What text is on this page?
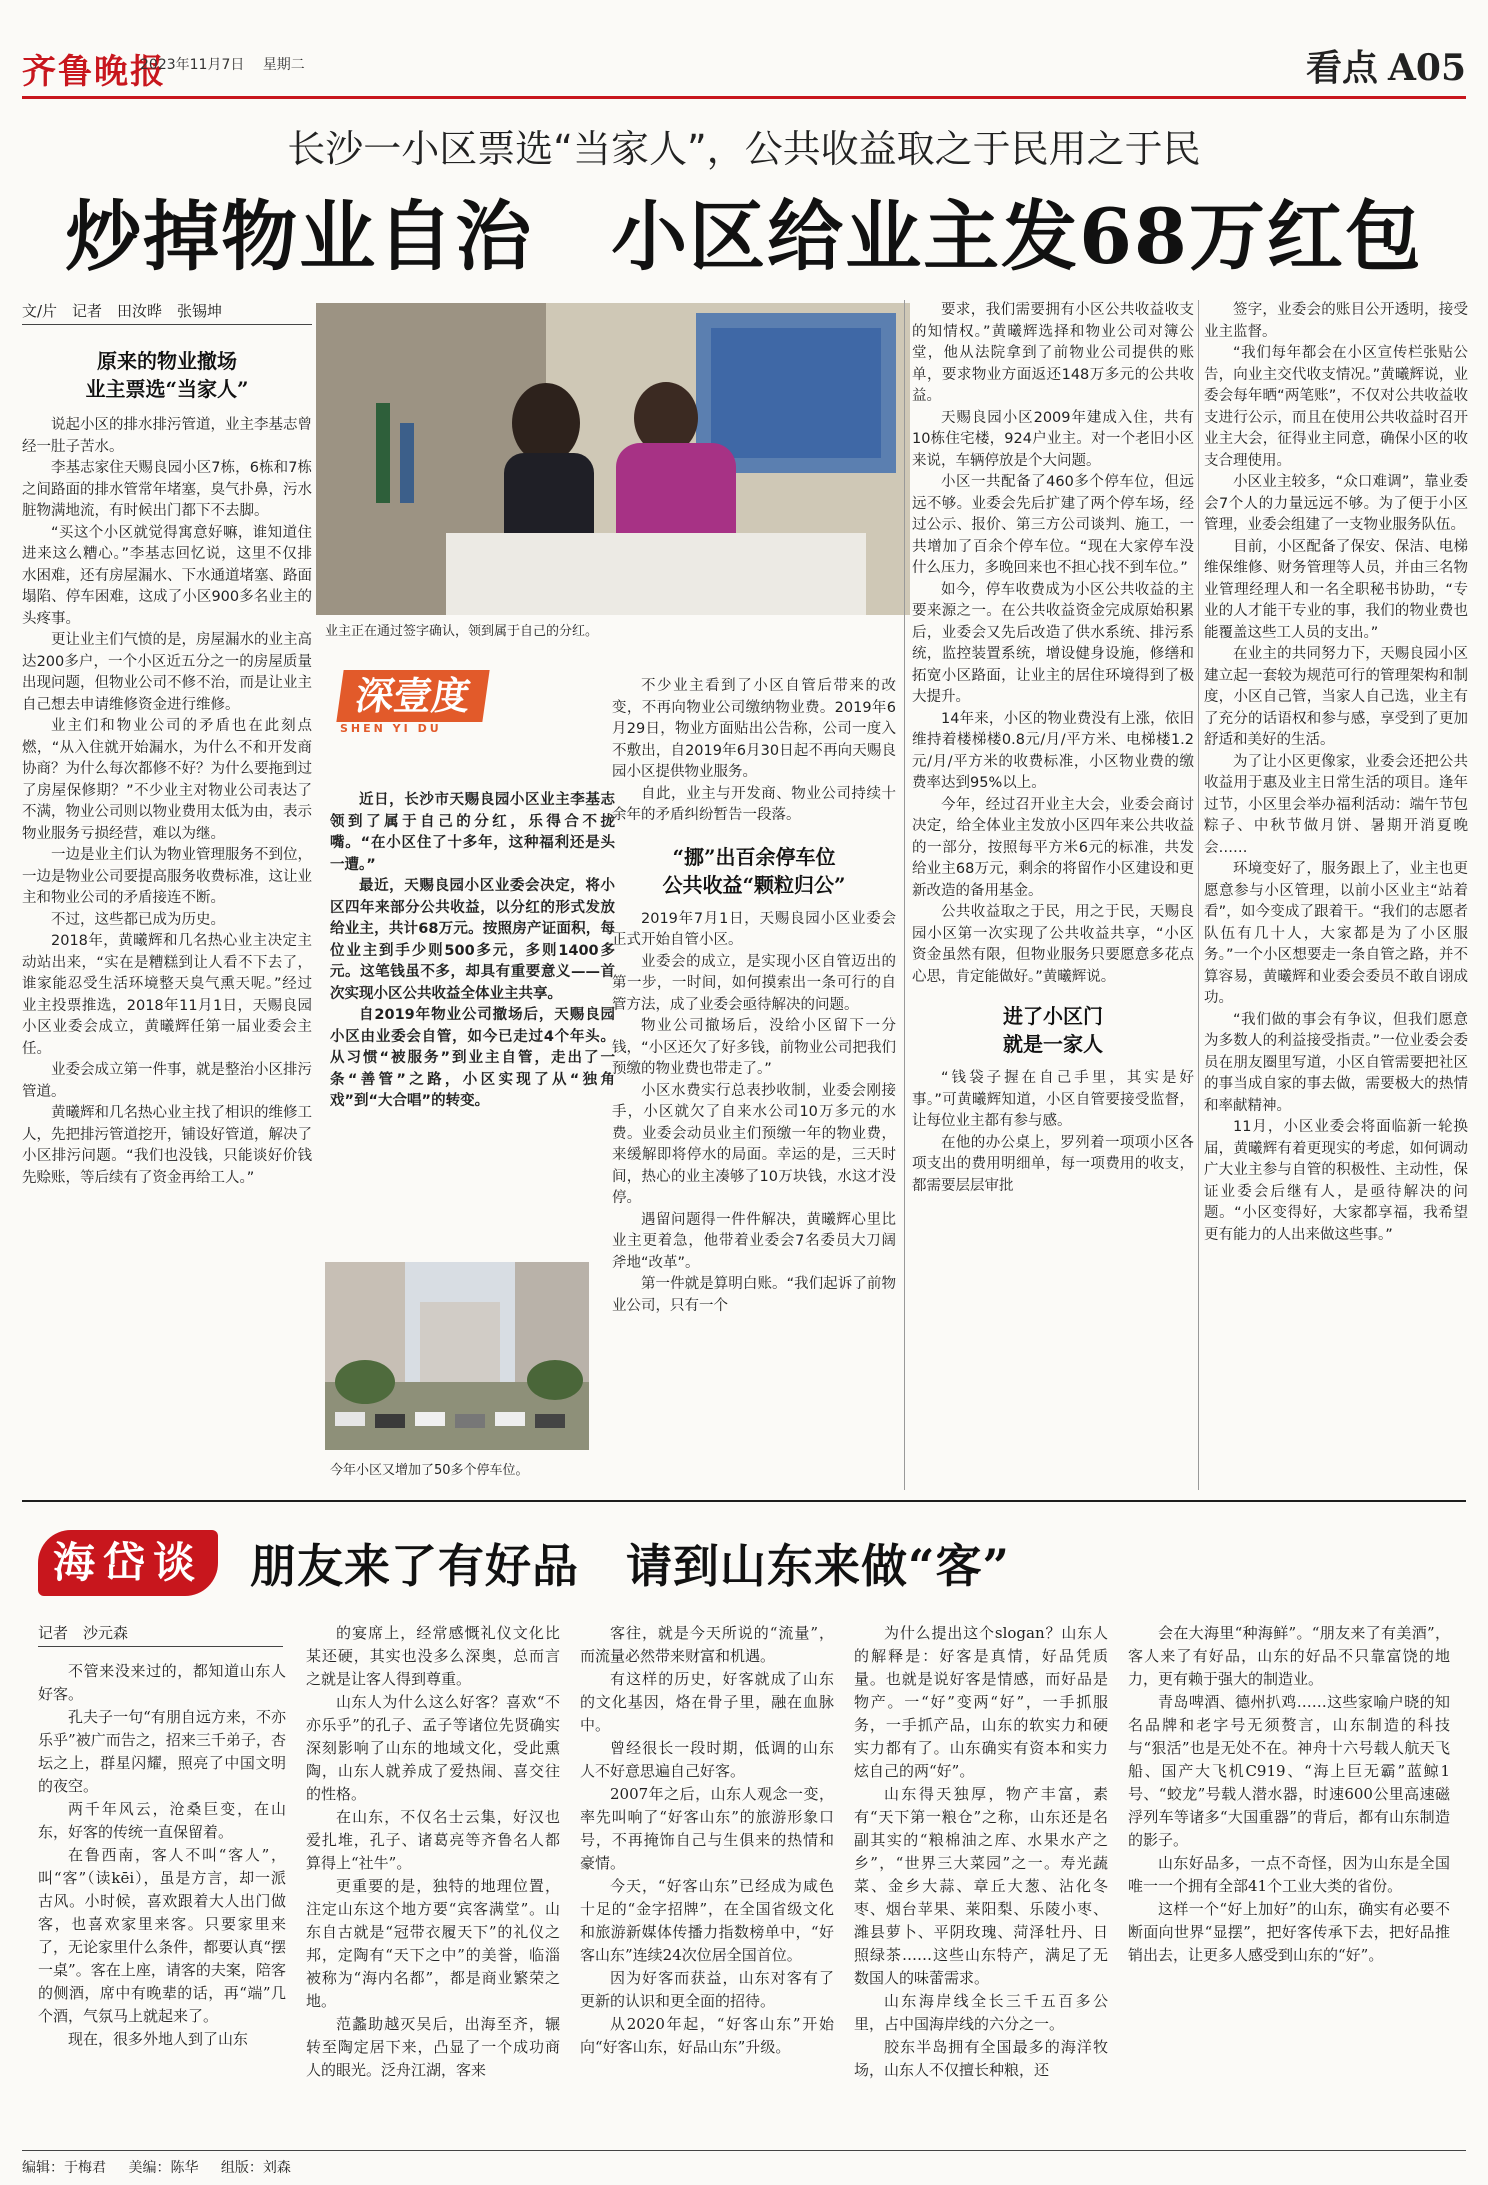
齐鲁晚报
2023年11月7日 星期二	看点 A05
长沙一小区票选“当家人”，公共收益取之于民用之于民
炒掉物业自治　小区给业主发68万红包
文/片　记者　田汝晔　张锡坤
原来的物业撤场
业主票选“当家人”

说起小区的排水排污管道，业主李基志曾经一肚子苦水。

李基志家住天赐良园小区7栋，6栋和7栋之间路面的排水管常年堵塞，臭气扑鼻，污水脏物满地流，有时候出门都下不去脚。

“买这个小区就觉得寓意好嘛，谁知道住进来这么糟心。”李基志回忆说，这里不仅排水困难，还有房屋漏水、下水通道堵塞、路面塌陷、停车困难，这成了小区900多名业主的头疼事。

更让业主们气愤的是，房屋漏水的业主高达200多户，一个小区近五分之一的房屋质量出现问题，但物业公司不修不治，而是让业主自己想去申请维修资金进行维修。

业主们和物业公司的矛盾也在此刻点燃，“从入住就开始漏水，为什么不和开发商协商？为什么每次都修不好？为什么要拖到过了房屋保修期？”不少业主对物业公司表达了不满，物业公司则以物业费用太低为由，表示物业服务亏损经营，难以为继。

一边是业主们认为物业管理服务不到位，一边是物业公司要提高服务收费标准，这让业主和物业公司的矛盾接连不断。

不过，这些都已成为历史。

2018年，黄曦辉和几名热心业主决定主动站出来，“实在是糟糕到让人看不下去了，谁家能忍受生活环境整天臭气熏天呢。”经过业主投票推选，2018年11月1日，天赐良园小区业委会成立，黄曦辉任第一届业委会主任。

业委会成立第一件事，就是整治小区排污管道。

黄曦辉和几名热心业主找了相识的维修工人，先把排污管道挖开，铺设好管道，解决了小区排污问题。“我们也没钱，只能谈好价钱先赊账，等后续有了资金再给工人。”

业主正在通过签字确认，领到属于自己的分红。
深壹度
SHEN YI DU

近日，长沙市天赐良园小区业主李基志领到了属于自己的分红，乐得合不拢嘴。“在小区住了十多年，这种福利还是头一遭。”

最近，天赐良园小区业委会决定，将小区四年来部分公共收益，以分红的形式发放给业主，共计68万元。按照房产证面积，每位业主到手少则500多元，多则1400多元。这笔钱虽不多，却具有重要意义——首次实现小区公共收益全体业主共享。

自2019年物业公司撤场后，天赐良园小区由业委会自管，如今已走过4个年头。从习惯“被服务”到业主自管，走出了一条“善管”之路，小区实现了从“独角戏”到“大合唱”的转变。

今年小区又增加了50多个停车位。

不少业主看到了小区自管后带来的改变，不再向物业公司缴纳物业费。2019年6月29日，物业方面贴出公告称，公司一度入不敷出，自2019年6月30日起不再向天赐良园小区提供物业服务。

自此，业主与开发商、物业公司持续十余年的矛盾纠纷暂告一段落。

“挪”出百余停车位
公共收益“颗粒归公”

2019年7月1日，天赐良园小区业委会正式开始自管小区。

业委会的成立，是实现小区自管迈出的第一步，一时间，如何摸索出一条可行的自管方法，成了业委会亟待解决的问题。

物业公司撤场后，没给小区留下一分钱，“小区还欠了好多钱，前物业公司把我们预缴的物业费也带走了。”

小区水费实行总表抄收制，业委会刚接手，小区就欠了自来水公司10万多元的水费。业委会动员业主们预缴一年的物业费，来缓解即将停水的局面。幸运的是，三天时间，热心的业主凑够了10万块钱，水这才没停。

遇留问题得一件件解决，黄曦辉心里比业主更着急，他带着业委会7名委员大刀阔斧地“改革”。

第一件就是算明白账。“我们起诉了前物业公司，只有一个

要求，我们需要拥有小区公共收益收支的知情权。”黄曦辉选择和物业公司对簿公堂，他从法院拿到了前物业公司提供的账单，要求物业方面返还148万多元的公共收益。

天赐良园小区2009年建成入住，共有10栋住宅楼，924户业主。对一个老旧小区来说，车辆停放是个大问题。

小区一共配备了460多个停车位，但远远不够。业委会先后扩建了两个停车场，经过公示、报价、第三方公司谈判、施工，一共增加了百余个停车位。“现在大家停车没什么压力，多晚回来也不担心找不到车位。”

如今，停车收费成为小区公共收益的主要来源之一。在公共收益资金完成原始积累后，业委会又先后改造了供水系统、排污系统，监控装置系统，增设健身设施，修缮和拓宽小区路面，让业主的居住环境得到了极大提升。

14年来，小区的物业费没有上涨，依旧维持着楼梯楼0.8元/月/平方米、电梯楼1.2元/月/平方米的收费标准，小区物业费的缴费率达到95%以上。

今年，经过召开业主大会，业委会商讨决定，给全体业主发放小区四年来公共收益的一部分，按照每平方米6元的标准，共发给业主68万元，剩余的将留作小区建设和更新改造的备用基金。

公共收益取之于民，用之于民，天赐良园小区第一次实现了公共收益共享，“小区资金虽然有限，但物业服务只要愿意多花点心思，肯定能做好。”黄曦辉说。

进了小区门
就是一家人

“钱袋子握在自己手里，其实是好事。”可黄曦辉知道，小区自管要接受监督，让每位业主都有参与感。

在他的办公桌上，罗列着一项项小区各项支出的费用明细单，每一项费用的收支，都需要层层审批

签字，业委会的账目公开透明，接受业主监督。

“我们每年都会在小区宣传栏张贴公告，向业主交代收支情况。”黄曦辉说，业委会每年晒“两笔账”，不仅对公共收益收支进行公示，而且在使用公共收益时召开业主大会，征得业主同意，确保小区的收支合理使用。

小区业主较多，“众口难调”，靠业委会7个人的力量远远不够。为了便于小区管理，业委会组建了一支物业服务队伍。

目前，小区配备了保安、保洁、电梯维保维修、财务管理等人员，并由三名物业管理经理人和一名全职秘书协助，“专业的人才能干专业的事，我们的物业费也能覆盖这些工人员的支出。”

在业主的共同努力下，天赐良园小区建立起一套较为规范可行的管理架构和制度，小区自己管，当家人自己选，业主有了充分的话语权和参与感，享受到了更加舒适和美好的生活。

为了让小区更像家，业委会还把公共收益用于惠及业主日常生活的项目。逢年过节，小区里会举办福利活动：端午节包粽子、中秋节做月饼、暑期开消夏晚会……

环境变好了，服务跟上了，业主也更愿意参与小区管理，以前小区业主“站着看”，如今变成了跟着干。“我们的志愿者队伍有几十人，大家都是为了小区服务。”一个小区想要走一条自管之路，并不算容易，黄曦辉和业委会委员不敢自诩成功。

“我们做的事会有争议，但我们愿意为多数人的利益接受指责。”一位业委会委员在朋友圈里写道，小区自管需要把社区的事当成自家的事去做，需要极大的热情和率献精神。

11月，小区业委会将面临新一轮换届，黄曦辉有着更现实的考虑，如何调动广大业主参与自管的积极性、主动性，保证业委会后继有人，是亟待解决的问题。“小区变得好，大家都享福，我希望更有能力的人出来做这些事。”

海岱谈	朋友来了有好品　请到山东来做“客”
记者　沙元森

不管来没来过的，都知道山东人好客。

孔夫子一句“有朋自远方来，不亦乐乎”被广而告之，招来三千弟子，杏坛之上，群星闪耀，照亮了中国文明的夜空。

两千年风云，沧桑巨变，在山东，好客的传统一直保留着。

在鲁西南，客人不叫“客人”，叫“客”（读kēi），虽是方言，却一派古风。小时候，喜欢跟着大人出门做客，也喜欢家里来客。只要家里来了，无论家里什么条件，都要认真“摆一桌”。客在上座，请客的夫案，陪客的侧酒，席中有晚辈的话，再“端”几个酒，气氛马上就起来了。

现在，很多外地人到了山东

的宴席上，经常感慨礼仪文化比某还硬，其实也没多么深奥，总而言之就是让客人得到尊重。

山东人为什么这么好客？喜欢“不亦乐乎”的孔子、孟子等诸位先贤确实深刻影响了山东的地域文化，受此熏陶，山东人就养成了爱热闹、喜交往的性格。

在山东，不仅名士云集，好汉也爱扎堆，孔子、诸葛亮等齐鲁名人都算得上“社牛”。

更重要的是，独特的地理位置，注定山东这个地方要“宾客满堂”。山东自古就是“冠带衣履天下”的礼仪之邦，定陶有“天下之中”的美誉，临淄被称为“海内名都”，都是商业繁荣之地。

范蠡助越灭吴后，出海至齐，辗转至陶定居下来，凸显了一个成功商人的眼光。泛舟江湖，客来

客往，就是今天所说的“流量”，而流量必然带来财富和机遇。

有这样的历史，好客就成了山东的文化基因，烙在骨子里，融在血脉中。

曾经很长一段时期，低调的山东人不好意思遍自己好客。

2007年之后，山东人观念一变，率先叫响了“好客山东”的旅游形象口号，不再掩饰自己与生俱来的热情和豪情。

今天，“好客山东”已经成为咸色十足的“金字招牌”，在全国省级文化和旅游新媒体传播力指数榜单中，“好客山东”连续24次位居全国首位。

因为好客而获益，山东对客有了更新的认识和更全面的招待。

从2020年起，“好客山东”开始向“好客山东，好品山东”升级。

为什么提出这个slogan？山东人的解释是：好客是真情，好品凭质量。也就是说好客是情感，而好品是物产。一“好”变两“好”，一手抓服务，一手抓产品，山东的软实力和硬实力都有了。山东确实有资本和实力炫自己的两“好”。

山东得天独厚，物产丰富，素有“天下第一粮仓”之称，山东还是名副其实的“粮棉油之库、水果水产之乡”，“世界三大菜园”之一。寿光蔬菜、金乡大蒜、章丘大葱、沾化冬枣、烟台苹果、莱阳梨、乐陵小枣、潍县萝卜、平阴玫瑰、菏泽牡丹、日照绿茶……这些山东特产，满足了无数国人的味蕾需求。

山东海岸线全长三千五百多公里，占中国海岸线的六分之一。

胶东半岛拥有全国最多的海洋牧场，山东人不仅擅长种粮，还

会在大海里“种海鲜”。“朋友来了有美酒”，客人来了有好品，山东的好品不只靠富饶的地力，更有赖于强大的制造业。

青岛啤酒、德州扒鸡……这些家喻户晓的知名品牌和老字号无须赘言，山东制造的科技与“狠活”也是无处不在。神舟十六号载人航天飞船、国产大飞机C919、“海上巨无霸”蓝鲸1号、“蛟龙”号载人潜水器，时速600公里高速磁浮列车等诸多“大国重器”的背后，都有山东制造的影子。

山东好品多，一点不奇怪，因为山东是全国唯一一个拥有全部41个工业大类的省份。

这样一个“好上加好”的山东，确实有必要不断面向世界“显摆”，把好客传承下去，把好品推销出去，让更多人感受到山东的“好”。

编辑：于梅君 美编：陈华 组版：刘森
